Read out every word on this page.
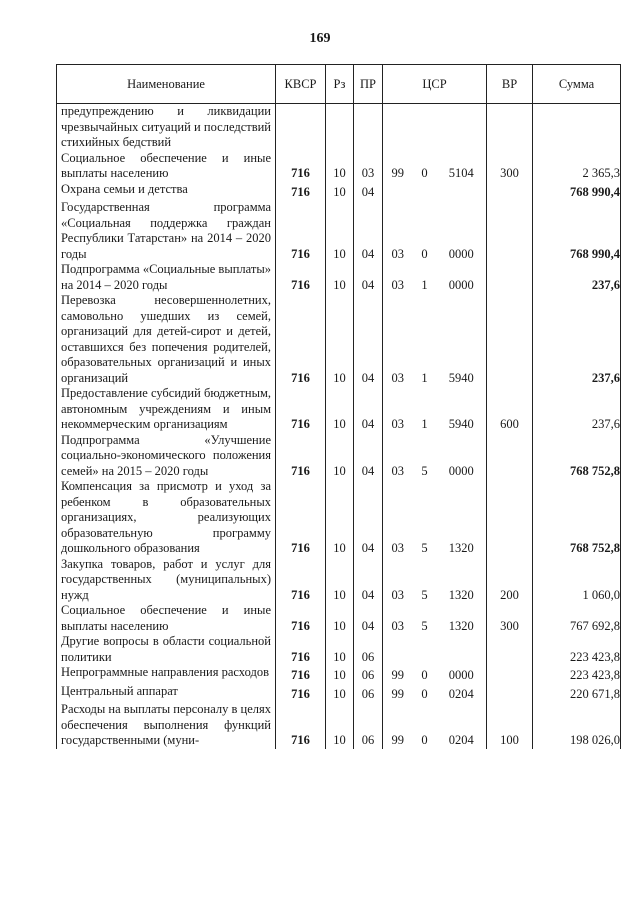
169
Наименование	КВСР	Рз	ПР	ЦСР			ВР	Сумма

предупреждению и ликвидации чрезвычайных ситуаций и последствий стихийных бедствий								

Социальное обеспечение и иные выплаты населению	716	10	03	99	0	5104	300	2 365,3

Охрана семьи и детства	716	10	04					768 990,4

Государственная программа «Социальная поддержка граждан Республики Татарстан» на 2014 – 2020 годы	716	10	04	03	0	0000		768 990,4

Подпрограмма «Социальные выплаты» на 2014 – 2020 годы	716	10	04	03	1	0000		237,6

Перевозка несовершеннолетних, самовольно ушедших из семей, организаций для детей-сирот и детей, оставшихся без попечения родителей, образовательных организаций и иных организаций	716	10	04	03	1	5940		237,6

Предоставление субсидий бюджетным, автономным учреждениям и иным некоммерческим организациям	716	10	04	03	1	5940	600	237,6

Подпрограмма «Улучшение социально-экономического положения семей» на 2015 – 2020 годы	716	10	04	03	5	0000		768 752,8

Компенсация за присмотр и уход за ребенком в образовательных организациях, реализующих образовательную программу дошкольного образования	716	10	04	03	5	1320		768 752,8

Закупка товаров, работ и услуг для государственных (муниципальных) нужд	716	10	04	03	5	1320	200	1 060,0

Социальное обеспечение и иные выплаты населению	716	10	04	03	5	1320	300	767 692,8

Другие вопросы в области социальной политики	716	10	06					223 423,8

Непрограммные направления расходов	716	10	06	99	0	0000		223 423,8

Центральный аппарат	716	10	06	99	0	0204		220 671,8

Расходы на выплаты персоналу в целях обеспечения выполнения функций государственными (муни-	716	10	06	99	0	0204	100	198 026,0
